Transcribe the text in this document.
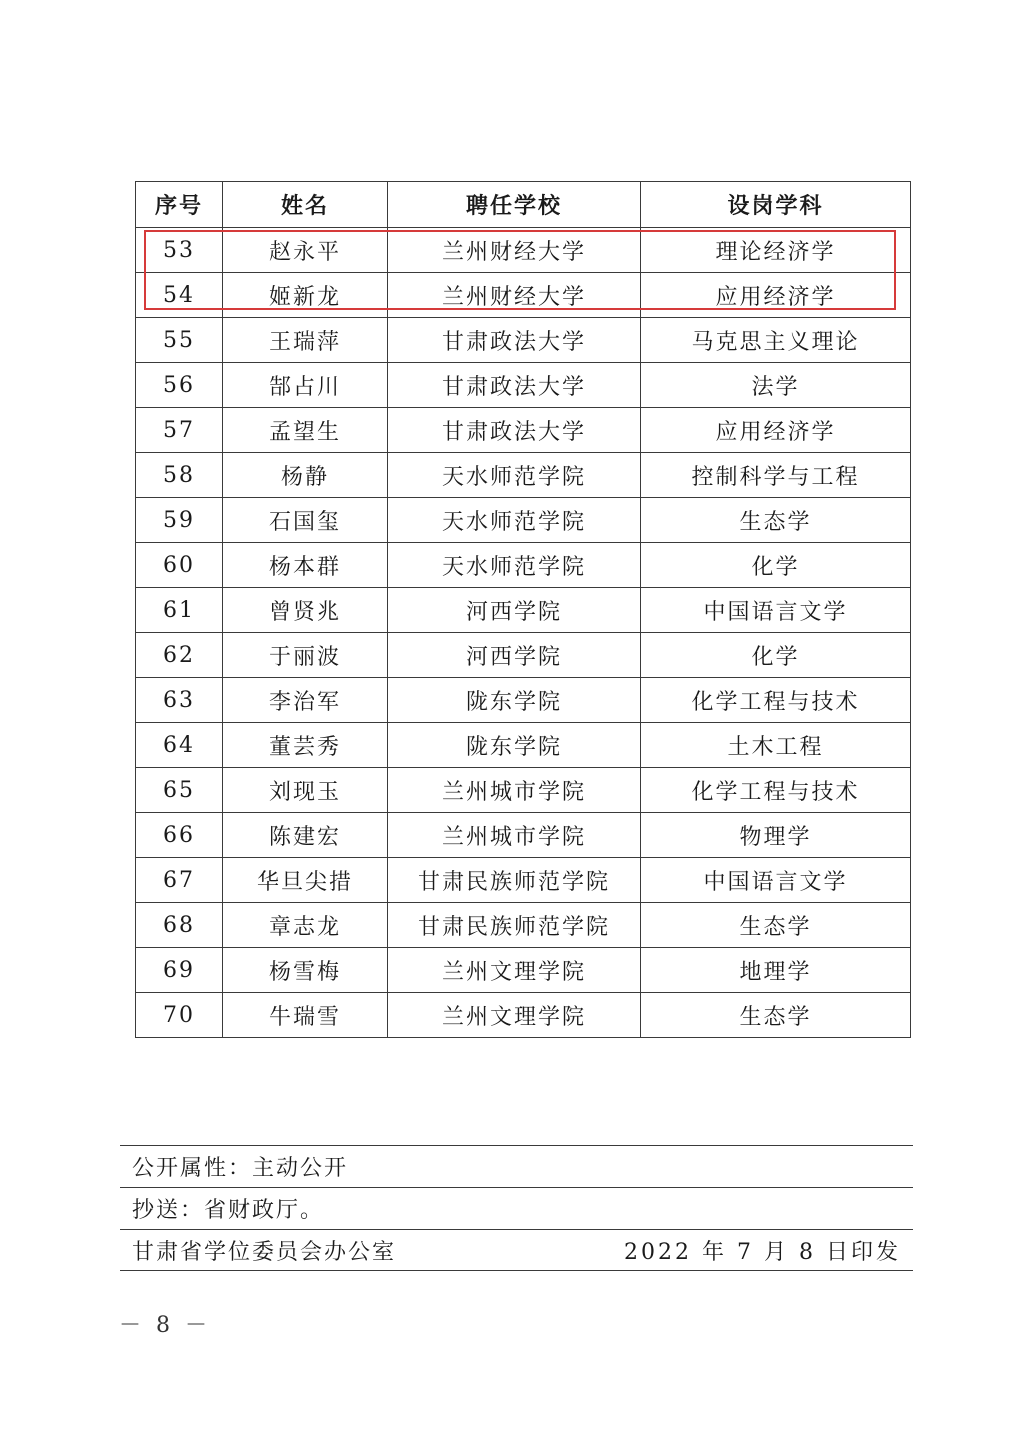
序号	姓名	聘任学校	设岗学科
53	赵永平	兰州财经大学	理论经济学
54	姬新龙	兰州财经大学	应用经济学
55	王瑞萍	甘肃政法大学	马克思主义理论
56	郜占川	甘肃政法大学	法学
57	孟望生	甘肃政法大学	应用经济学
58	杨静	天水师范学院	控制科学与工程
59	石国玺	天水师范学院	生态学
60	杨本群	天水师范学院	化学
61	曾贤兆	河西学院	中国语言文学
62	于丽波	河西学院	化学
63	李治军	陇东学院	化学工程与技术
64	董芸秀	陇东学院	土木工程
65	刘现玉	兰州城市学院	化学工程与技术
66	陈建宏	兰州城市学院	物理学
67	华旦尖措	甘肃民族师范学院	中国语言文学
68	章志龙	甘肃民族师范学院	生态学
69	杨雪梅	兰州文理学院	地理学
70	牛瑞雪	兰州文理学院	生态学
公开属性：主动公开
抄送：省财政厅。
甘肃省学位委员会办公室	2022 年 7 月 8 日印发
－ 8 －
